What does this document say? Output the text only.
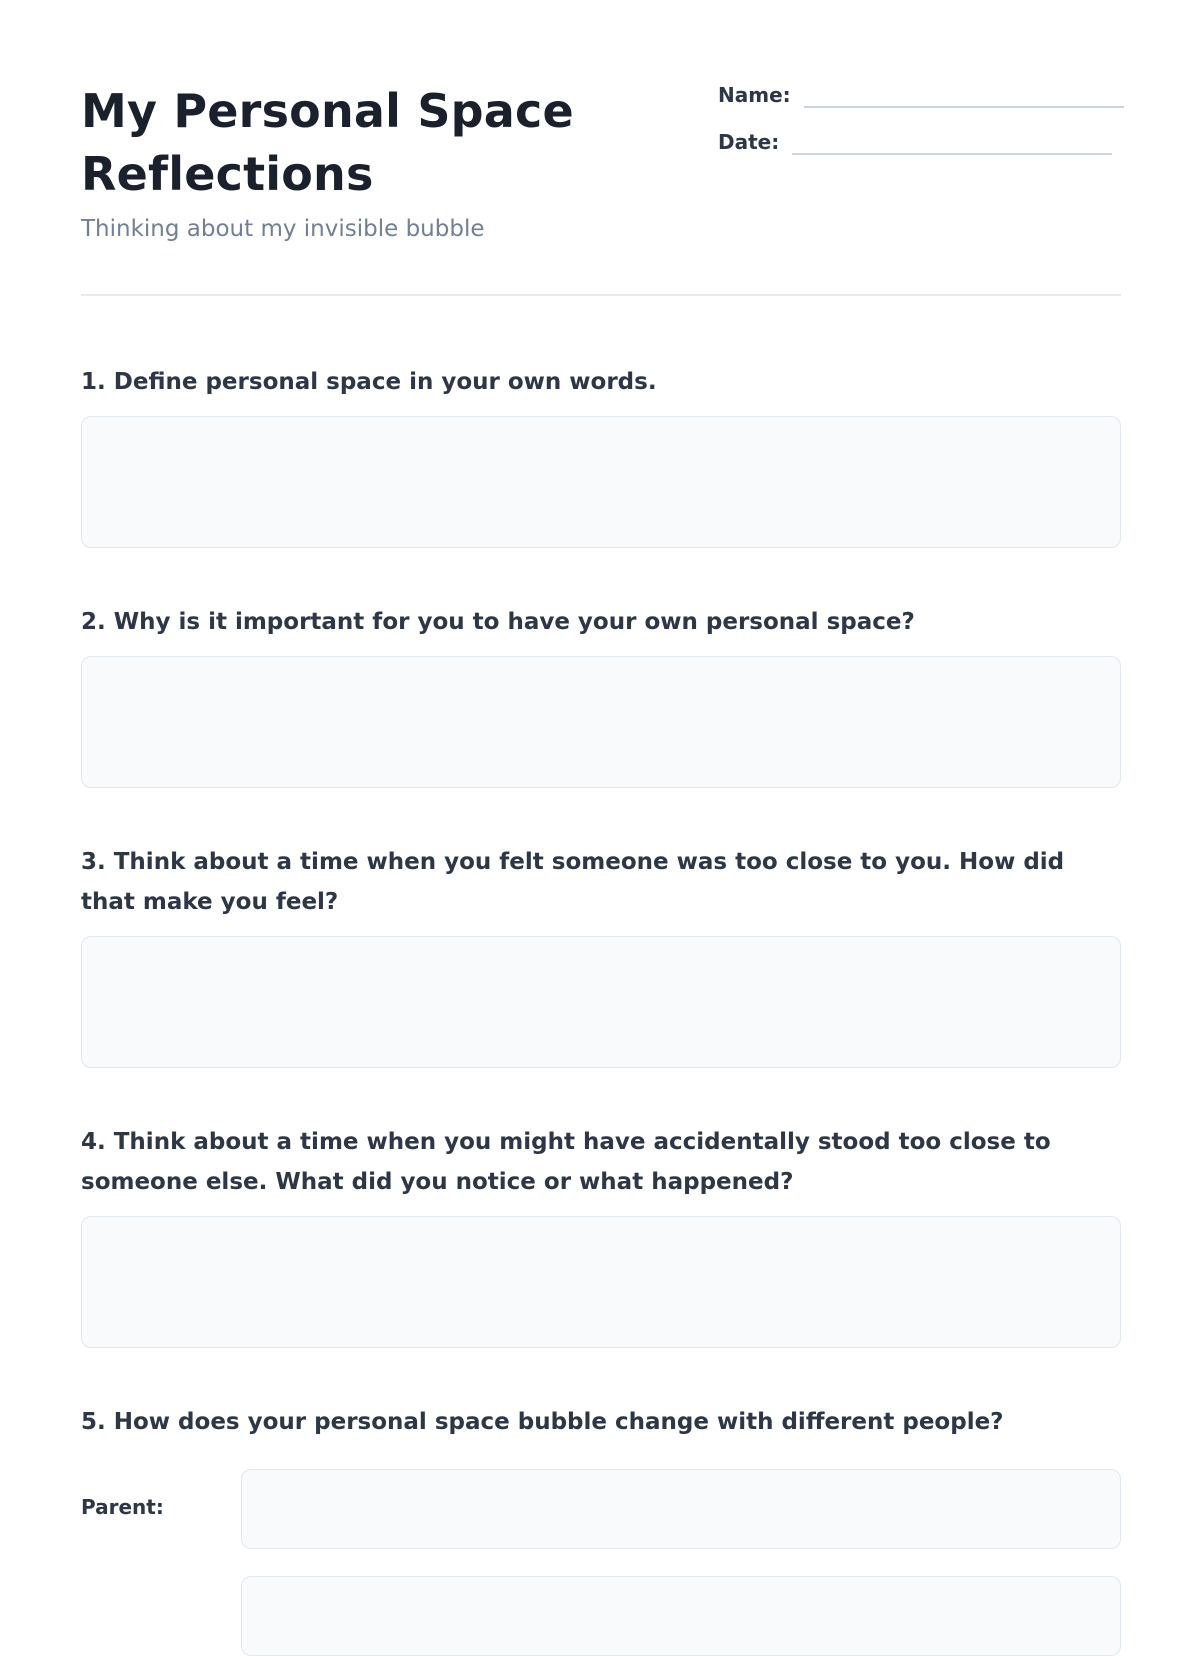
My Personal Space Reflections

Thinking about my invisible bubble

Name:
Date:

1. Define personal space in your own words.

2. Why is it important for you to have your own personal space?

3. Think about a time when you felt someone was too close to you. How did that make you feel?

4. Think about a time when you might have accidentally stood too close to someone else. What did you notice or what happened?

5. How does your personal space bubble change with different people?

Parent:
